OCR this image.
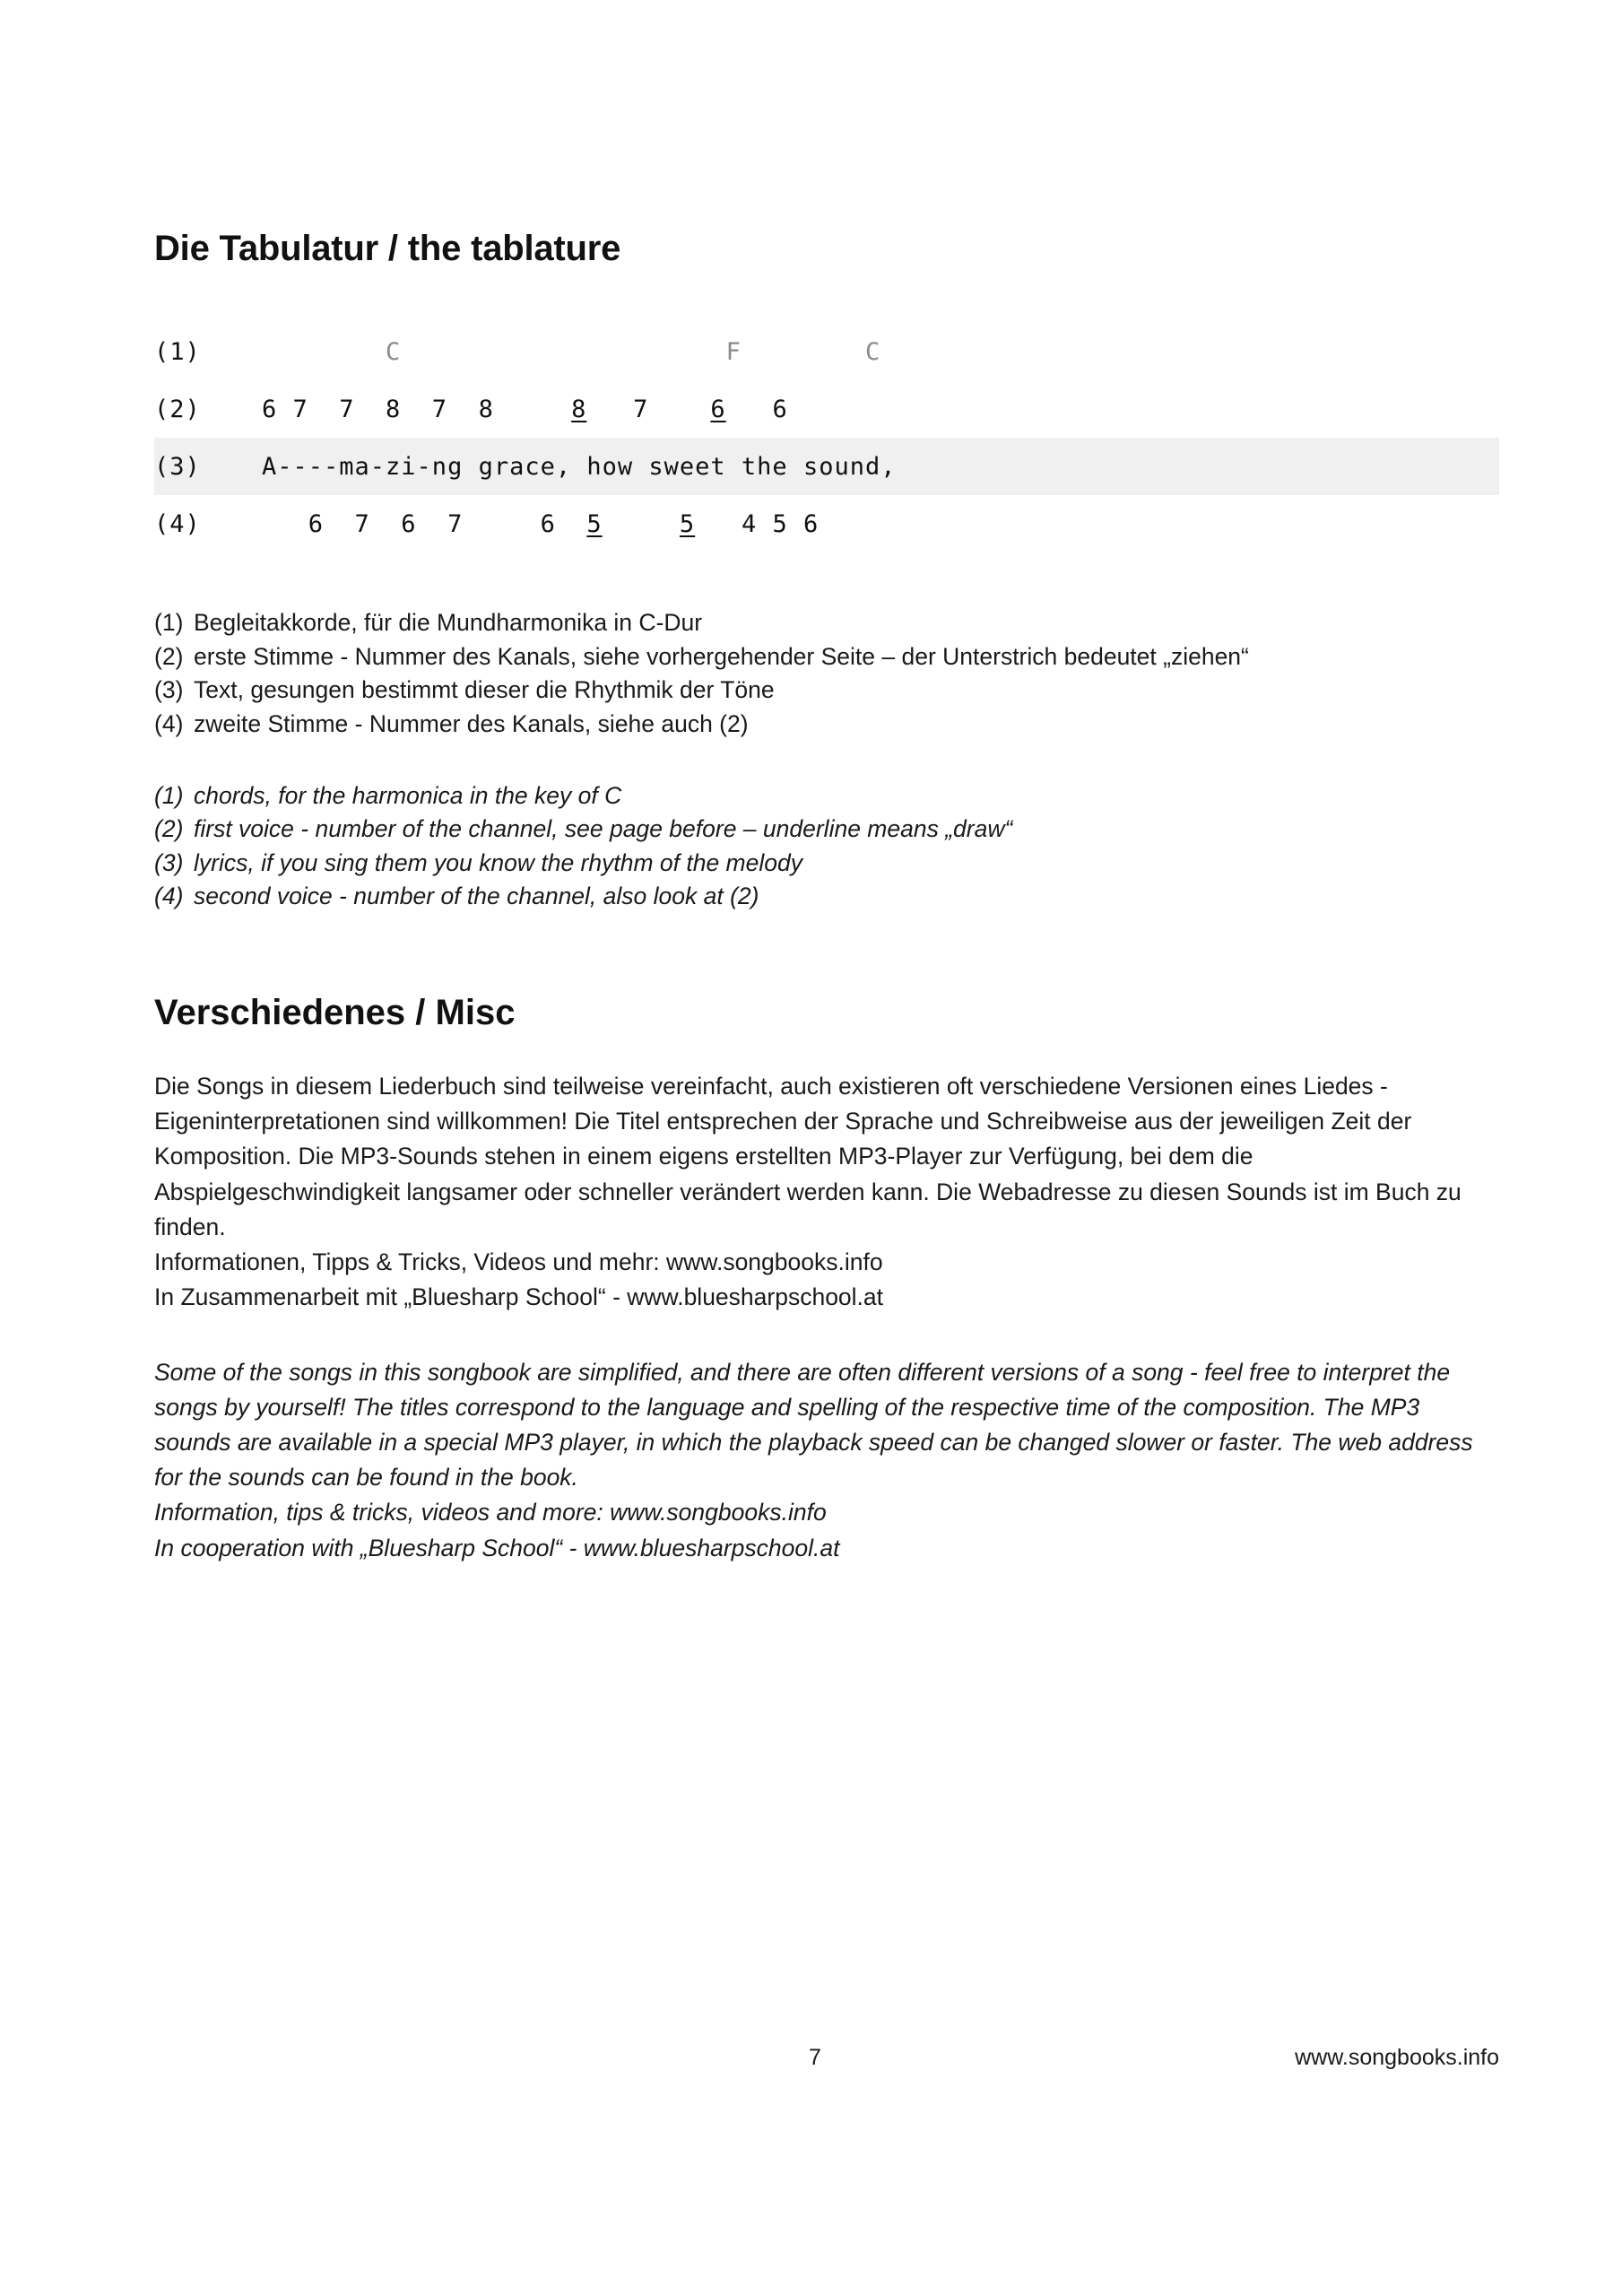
Die Tabulatur / the tablature
(1)	C                     F        C
(2)	6 7  7  8  7  8     8   7    6   6
(3)	A----ma-zi-ng grace, how sweet the sound,
(4)	6  7  6  7     6  5	5   4 5 6
(1) Begleitakkorde, für die Mundharmonika in C-Dur
(2) erste Stimme - Nummer des Kanals, siehe vorhergehender Seite – der Unterstrich bedeutet „ziehen“
(3) Text, gesungen bestimmt dieser die Rhythmik der Töne
(4) zweite Stimme - Nummer des Kanals, siehe auch (2)
(1) chords, for the harmonica in the key of C
(2) first voice - number of the channel, see page before – underline means „draw“
(3) lyrics, if you sing them you know the rhythm of the melody
(4) second voice - number of the channel, also look at (2)
Verschiedenes / Misc
Die Songs in diesem Liederbuch sind teilweise vereinfacht, auch existieren oft verschiedene Versionen eines Liedes - Eigeninterpretationen sind willkommen! Die Titel entsprechen der Sprache und Schreibweise aus der jeweiligen Zeit der Komposition. Die MP3-Sounds stehen in einem eigens erstellten MP3-Player zur Verfügung, bei dem die Abspielgeschwindigkeit langsamer oder schneller verändert werden kann. Die Webadresse zu diesen Sounds ist im Buch zu finden.
Informationen, Tipps & Tricks, Videos und mehr: www.songbooks.info
In Zusammenarbeit mit „Bluesharp School“ - www.bluesharpschool.at
Some of the songs in this songbook are simplified, and there are often different versions of a song - feel free to interpret the songs by yourself! The titles correspond to the language and spelling of the respective time of the composition. The MP3 sounds are available in a special MP3 player, in which the playback speed can be changed slower or faster. The web address for the sounds can be found in the book.
Information, tips & tricks, videos and more: www.songbooks.info
In cooperation with „Bluesharp School“ - www.bluesharpschool.at
7	www.songbooks.info
